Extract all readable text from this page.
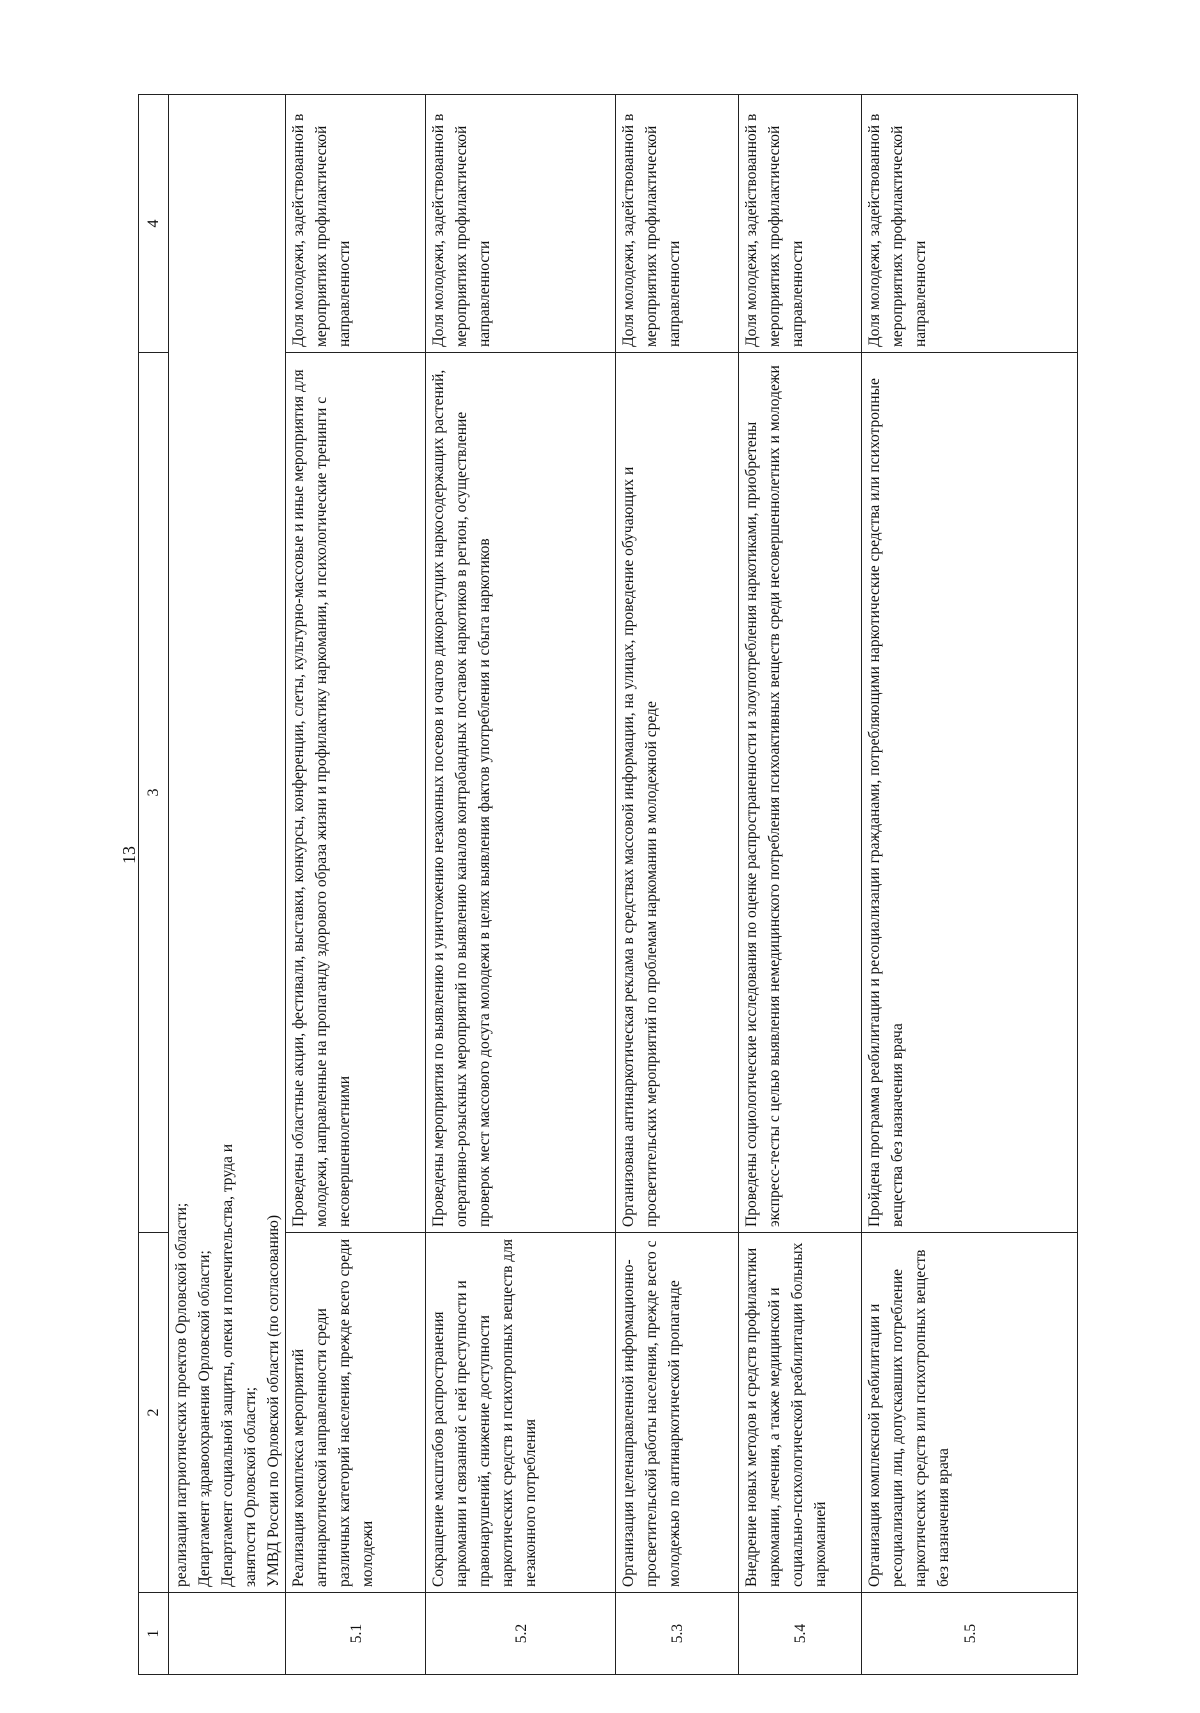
13
1	2	3	4

	реализации патриотических проектов Орловской области; Департамент здравоохранения Орловской области; Департамент социальной защиты, опеки и попечительства, труда и занятости Орловской области; УМВД России по Орловской области (по согласованию)		

5.1	Реализация комплекса мероприятий антинаркотической направленности среди различных категорий населения, прежде всего среди молодежи	Проведены областные акции, фестивали, выставки, конкурсы, конференции, слеты, культурно-массовые и иные мероприятия для молодежи, направленные на пропаганду здорового образа жизни и профилактику наркомании, и психологические тренинги с несовершеннолетними	Доля молодежи, задействованной в мероприятиях профилактической направленности
5.2	Сокращение масштабов распространения наркомании и связанной с ней преступности и правонарушений, снижение доступности наркотических средств и психотропных веществ для незаконного потребления	Проведены мероприятия по выявлению и уничтожению незаконных посевов и очагов дикорастущих наркосодержащих растений, оперативно-розыскных мероприятий по выявлению каналов контрабандных поставок наркотиков в регион, осуществление проверок мест массового досуга молодежи в целях выявления фактов употребления и сбыта наркотиков	Доля молодежи, задействованной в мероприятиях профилактической направленности
5.3	Организация целенаправленной информационно-просветительской работы населения, прежде всего с молодежью по антинаркотической пропаганде	Организована антинаркотическая реклама в средствах массовой информации, на улицах, проведение обучающих и просветительских мероприятий по проблемам наркомании в молодежной среде	Доля молодежи, задействованной в мероприятиях профилактической направленности
5.4	Внедрение новых методов и средств профилактики наркомании, лечения, а также медицинской и социально-психологической реабилитации больных наркоманией	Проведены социологические исследования по оценке распространенности и злоупотребления наркотиками, приобретены экспресс-тесты с целью выявления немедицинского потребления психоактивных веществ среди несовершеннолетних и молодежи	Доля молодежи, задействованной в мероприятиях профилактической направленности
5.5	Организация комплексной реабилитации и ресоциализации лиц, допускавших потребление наркотических средств или психотропных веществ без назначения врача	Пройдена программа реабилитации и ресоциализации гражданами, потребляющими наркотические средства или психотропные вещества без назначения врача	Доля молодежи, задействованной в мероприятиях профилактической направленности
